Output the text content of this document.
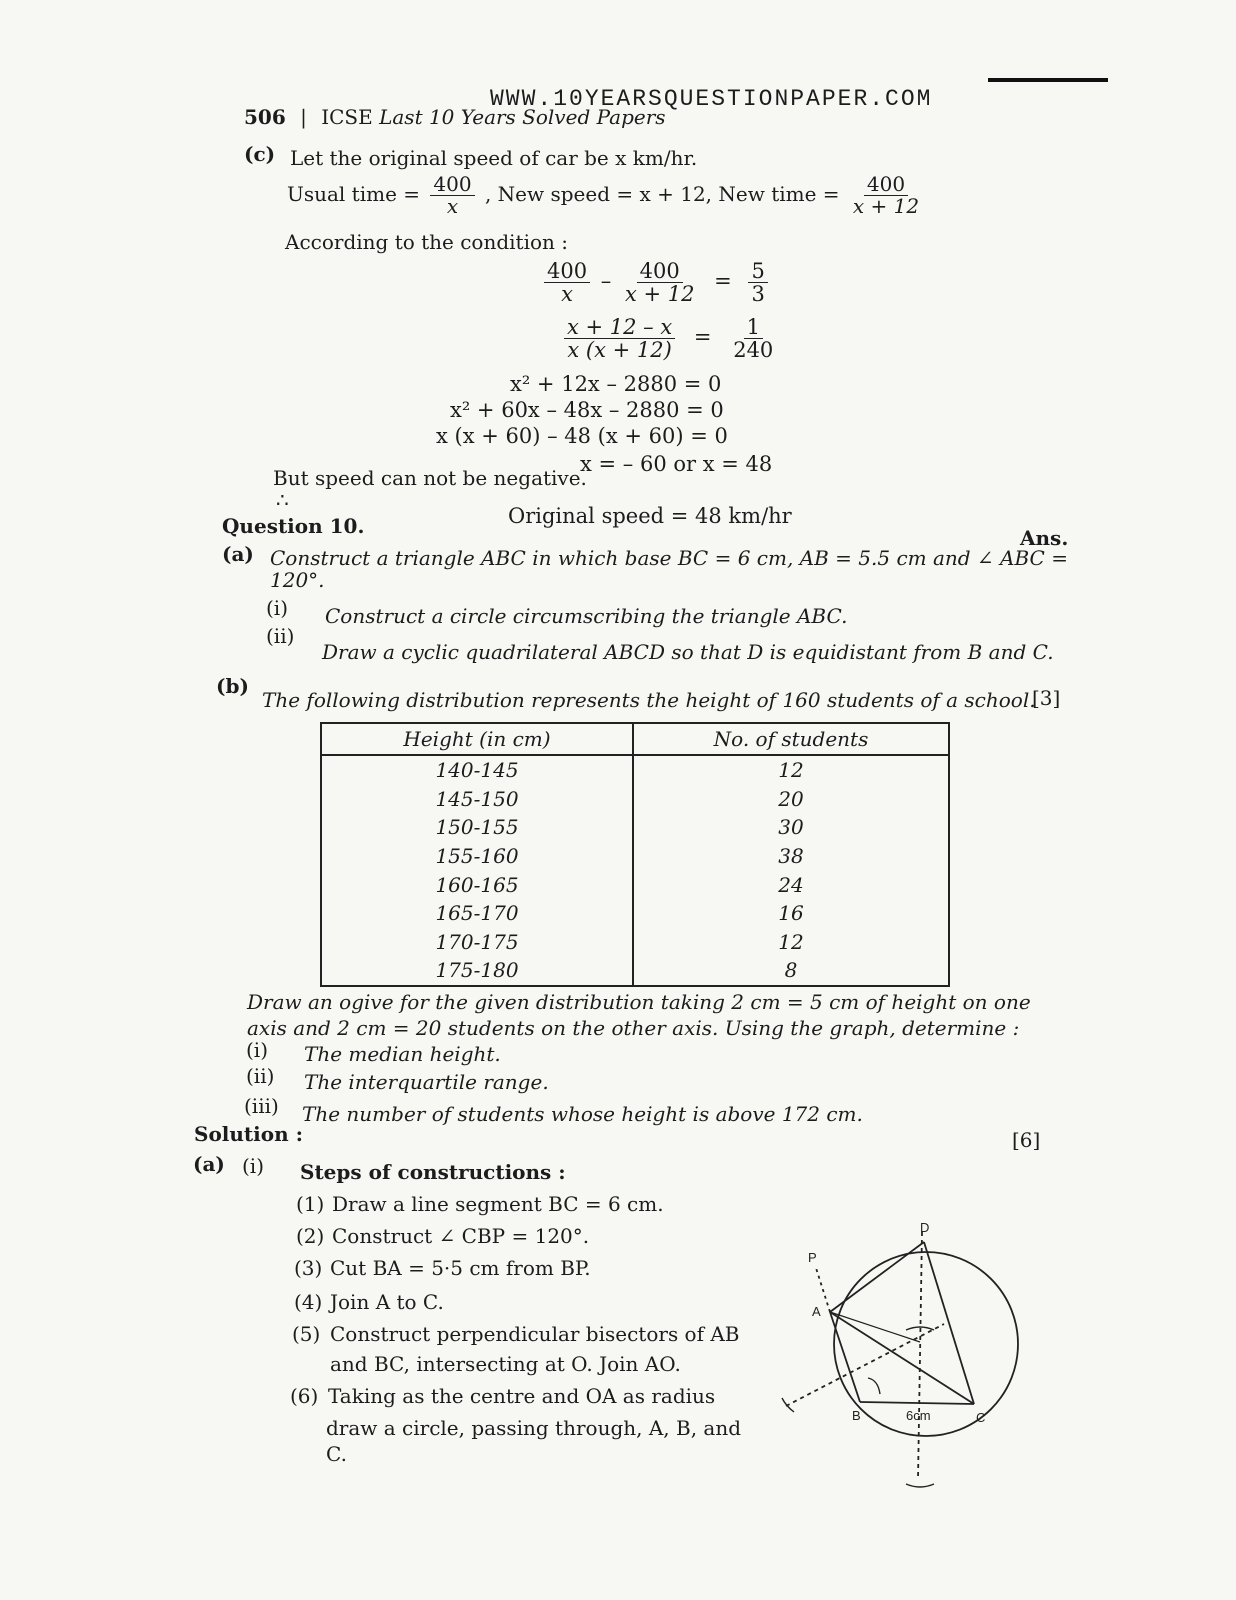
WWW.10YEARSQUESTIONPAPER.COM
506 | ICSE Last 10 Years Solved Papers
(c) Let the original speed of car be x km/hr.
Usual time = $\frac{400}{x}$ , New speed = x + 12, New time = $\frac{400}{x + 12}$
According to the condition :
$\frac{400}{x} - \frac{400}{x + 12} = \frac{5}{3}$
$\frac{x + 12 - x}{x (x + 12)} = \frac{1}{240}$
x² + 12x – 2880 = 0
x² + 60x – 48x – 2880 = 0
x (x + 60) – 48 (x + 60) = 0
x = – 60 or x = 48
But speed can not be negative.
∴
Original speed = 48 km/hr
Question 10.	Ans.
(a) Construct a triangle ABC in which base BC = 6 cm, AB = 5.5 cm and ∠ ABC =
120°.
(i) Construct a circle circumscribing the triangle ABC.
(ii)
Draw a cyclic quadrilateral ABCD so that D is equidistant from B and C.
(b)
The following distribution represents the height of 160 students of a school.
[3]
Height (in cm)	No. of students
140-145	12
145-150	20
150-155	30
155-160	38
160-165	24
165-170	16
170-175	12
175-180	8
Draw an ogive for the given distribution taking 2 cm = 5 cm of height on one
axis and 2 cm = 20 students on the other axis. Using the graph, determine :
(i) The median height.
(ii) The interquartile range.
(iii) The number of students whose height is above 172 cm.
Solution :	[6]
(a) (i) Steps of constructions :
(1) Draw a line segment BC = 6 cm.
(2) Construct ∠ CBP = 120°.
(3) Cut BA = 5·5 cm from BP.
(4) Join A to C.
(5) Construct perpendicular bisectors of AB
and BC, intersecting at O. Join AO.
(6) Taking as the centre and OA as radius
draw a circle, passing through, A, B, and
C.
P
A
B	C
D
6cm
